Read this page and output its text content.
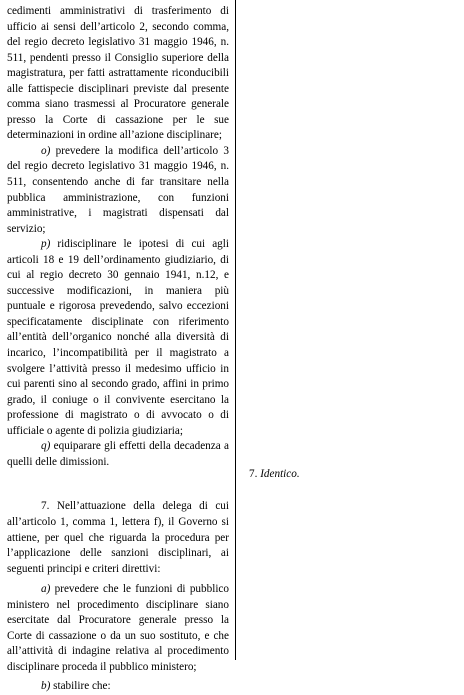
cedimenti amministrativi di trasferimento di ufficio ai sensi dell’articolo 2, secondo comma, del regio decreto legislativo 31 maggio 1946, n. 511, pendenti presso il Consiglio superiore della magistratura, per fatti astrattamente riconducibili alle fattispecie disciplinari previste dal presente comma siano trasmessi al Procuratore generale presso la Corte di cassazione per le sue determinazioni in ordine all’azione disciplinare;

o) prevedere la modifica dell’articolo 3 del regio decreto legislativo 31 maggio 1946, n. 511, consentendo anche di far transitare nella pubblica amministrazione, con funzioni amministrative, i magistrati dispensati dal servizio;

p) ridisciplinare le ipotesi di cui agli articoli 18 e 19 dell’ordinamento giudiziario, di cui al regio decreto 30 gennaio 1941, n.12, e successive modificazioni, in maniera più puntuale e rigorosa prevedendo, salvo eccezioni specificatamente disciplinate con riferimento all’entità dell’organico nonché alla diversità di incarico, l’incompatibilità per il magistrato a svolgere l’attività presso il medesimo ufficio in cui parenti sino al secondo grado, affini in primo grado, il coniuge o il convivente esercitano la professione di magistrato o di avvocato o di ufficiale o agente di polizia giudiziaria;

q) equiparare gli effetti della decadenza a quelli delle dimissioni.

7. Nell’attuazione della delega di cui all’articolo 1, comma 1, lettera f), il Governo si attiene, per quel che riguarda la procedura per l’applicazione delle sanzioni disciplinari, ai seguenti principi e criteri direttivi:

a) prevedere che le funzioni di pubblico ministero nel procedimento disciplinare siano esercitate dal Procuratore generale presso la Corte di cassazione o da un suo sostituto, e che all’attività di indagine relativa al procedimento disciplinare proceda il pubblico ministero;

b) stabilire che:

7. Identico.
